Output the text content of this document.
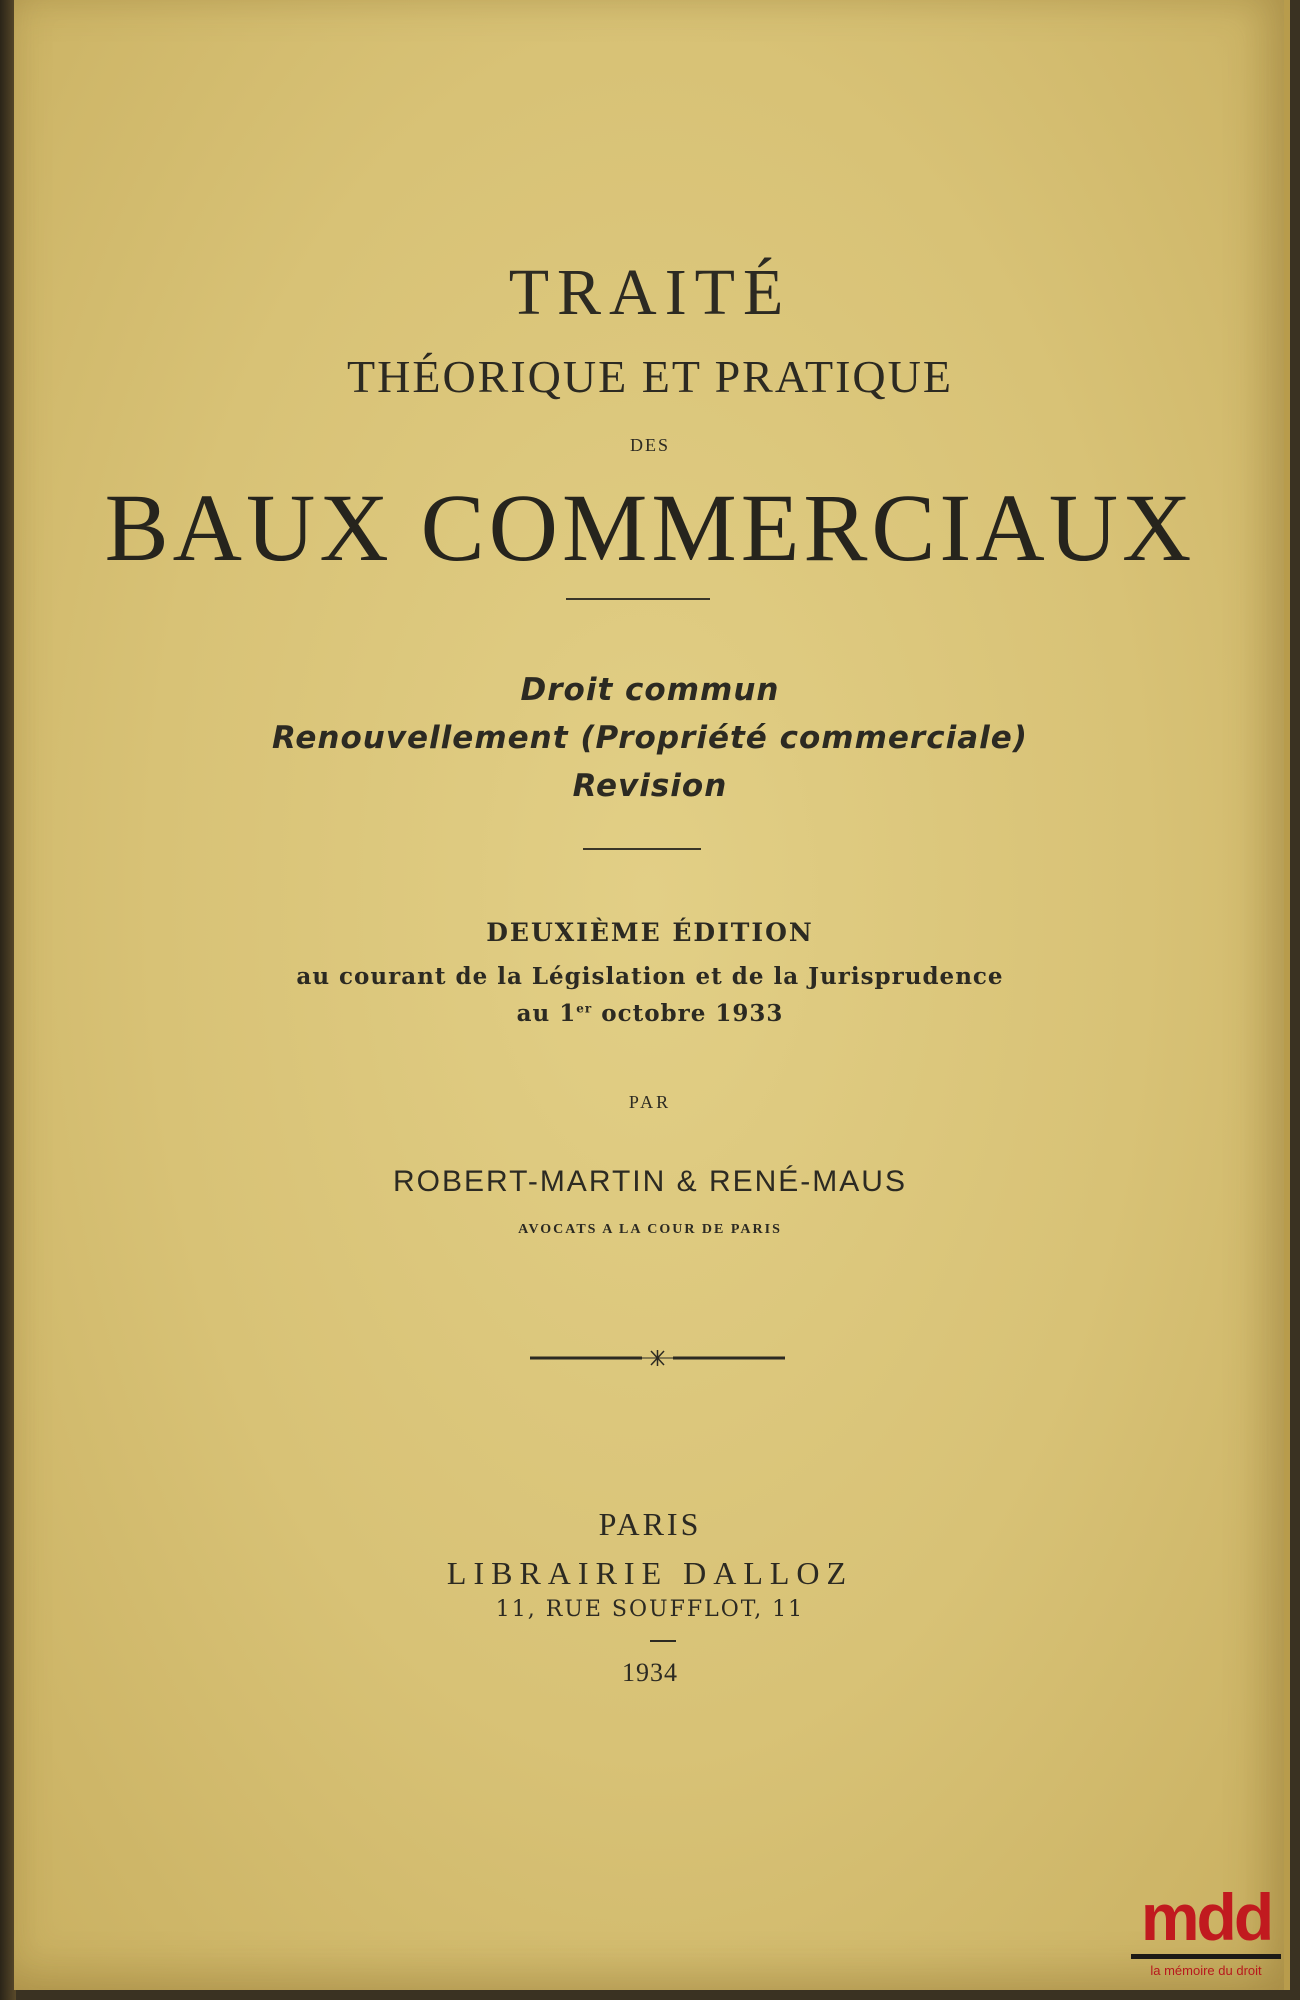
TRAITÉ
THÉORIQUE ET PRATIQUE
DES
BAUX COMMERCIAUX
Droit commun
Renouvellement (Propriété commerciale)
Revision
DEUXIÈME ÉDITION
au courant de la Législation et de la Jurisprudence
au 1er octobre 1933
PAR
ROBERT-MARTIN & RENÉ-MAUS
AVOCATS A LA COUR DE PARIS
PARIS
LIBRAIRIE DALLOZ
11, RUE SOUFFLOT, 11
1934
mdd
la mémoire du droit
